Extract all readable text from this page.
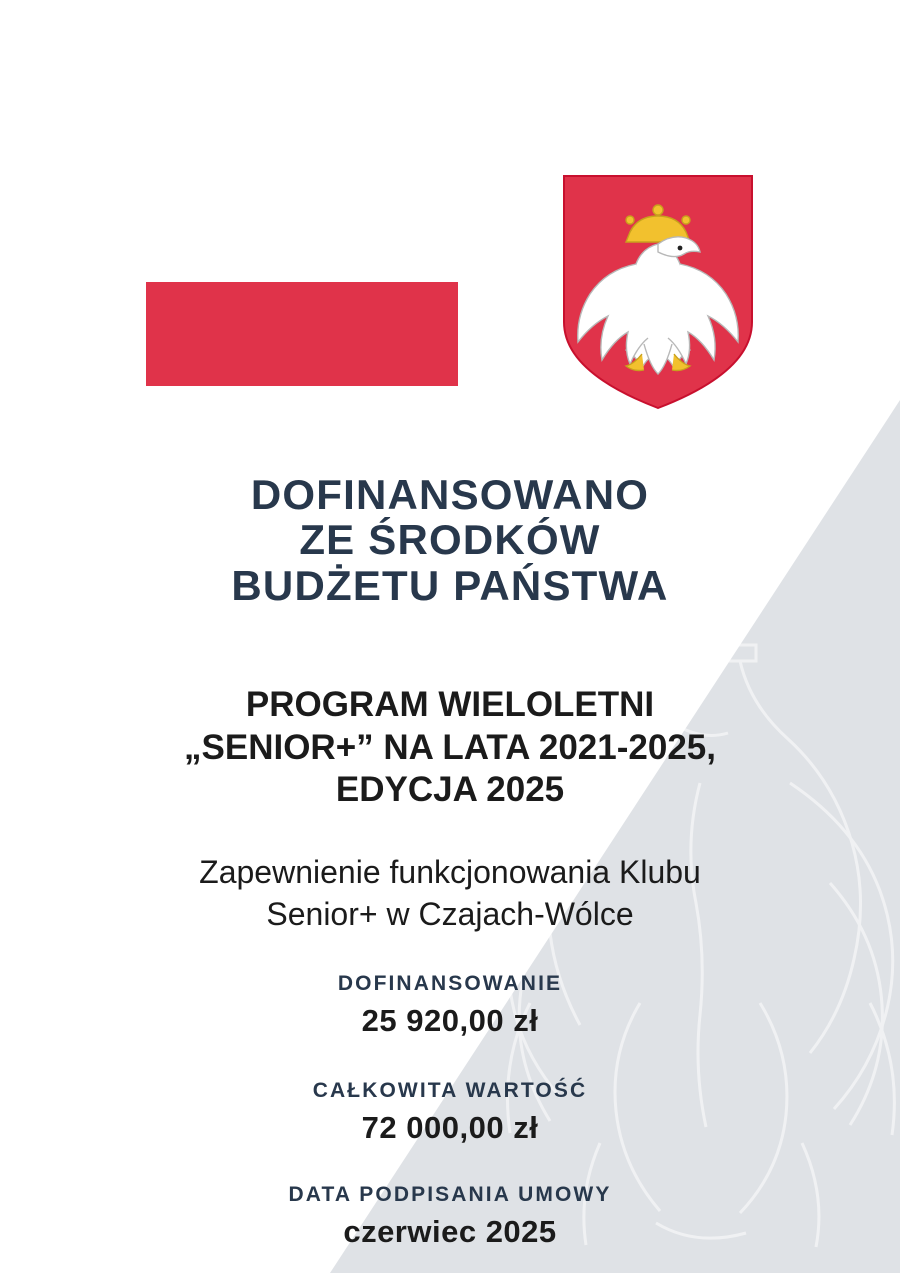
DOFINANSOWANO
ZE ŚRODKÓW
BUDŻETU PAŃSTWA
PROGRAM WIELOLETNI
„SENIOR+” NA LATA 2021-2025,
EDYCJA 2025
Zapewnienie funkcjonowania Klubu
Senior+ w Czajach-Wólce
DOFINANSOWANIE
25 920,00 zł
CAŁKOWITA WARTOŚĆ
72 000,00 zł
DATA PODPISANIA UMOWY
czerwiec 2025
